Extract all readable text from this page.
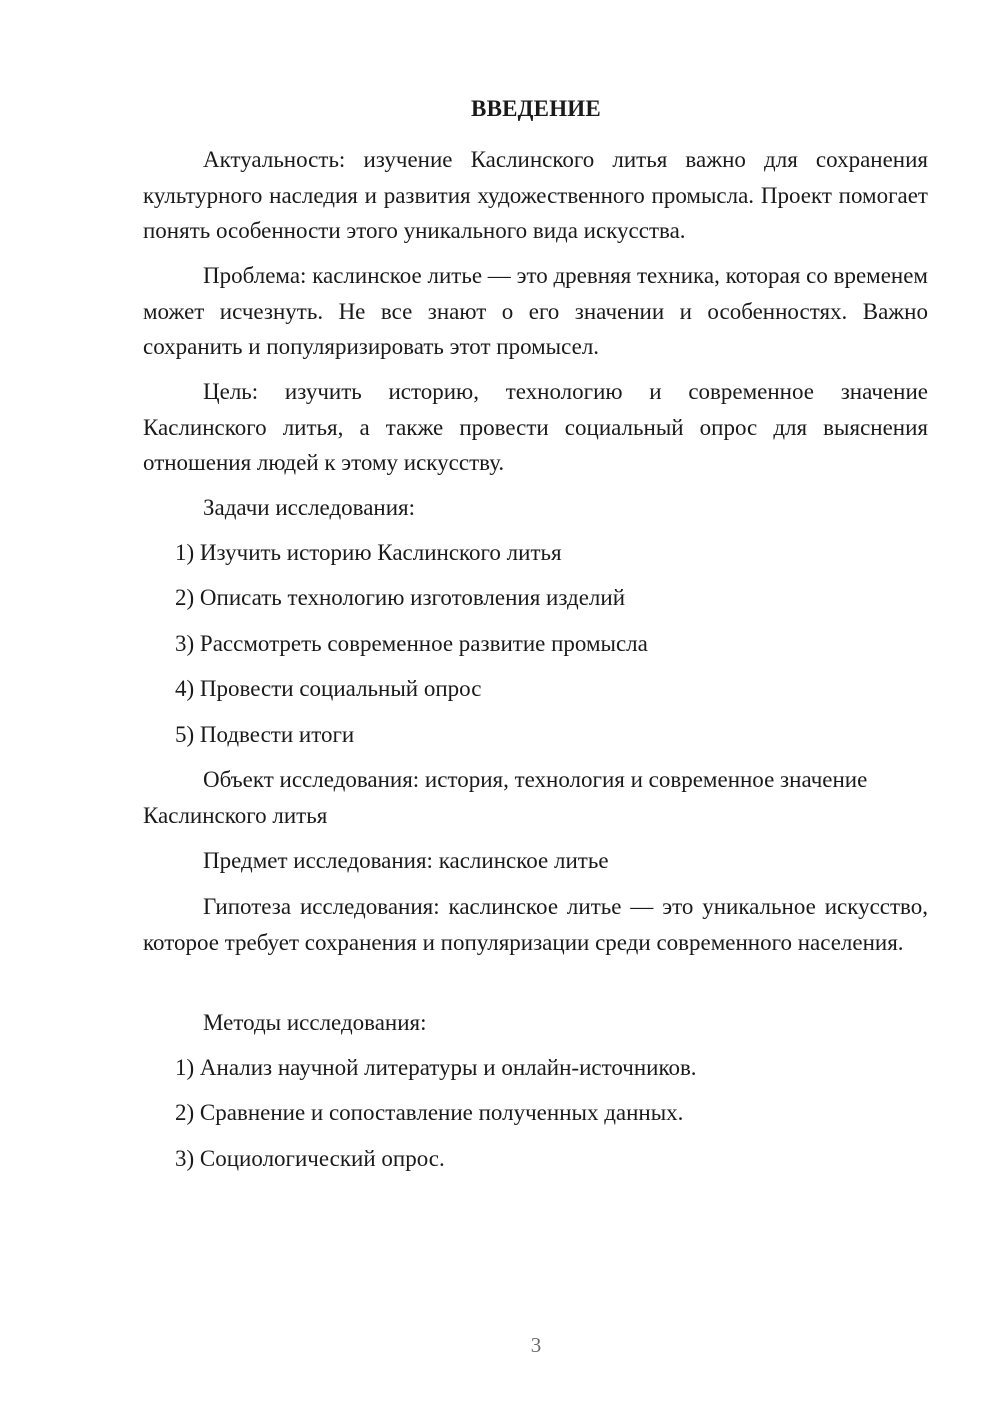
ВВЕДЕНИЕ

Актуальность: изучение Каслинского литья важно для сохранения культурного наследия и развития художественного промысла. Проект помогает понять особенности этого уникального вида искусства.

Проблема: каслинское литье — это древняя техника, которая со временем может исчезнуть. Не все знают о его значении и особенностях. Важно сохранить и популяризировать этот промысел.

Цель: изучить историю, технологию и современное значение Каслинского литья, а также провести социальный опрос для выяснения отношения людей к этому искусству.

Задачи исследования:

1) Изучить историю Каслинского литья

2) Описать технологию изготовления изделий

3) Рассмотреть современное развитие промысла

4) Провести социальный опрос

5) Подвести итоги

Объект исследования: история, технология и современное значение Каслинского литья

Предмет исследования: каслинское литье

Гипотеза исследования: каслинское литье — это уникальное искусство, которое требует сохранения и популяризации среди современного населения.

Методы исследования:

1) Анализ научной литературы и онлайн-источников.

2) Сравнение и сопоставление полученных данных.

3) Социологический опрос.

3
